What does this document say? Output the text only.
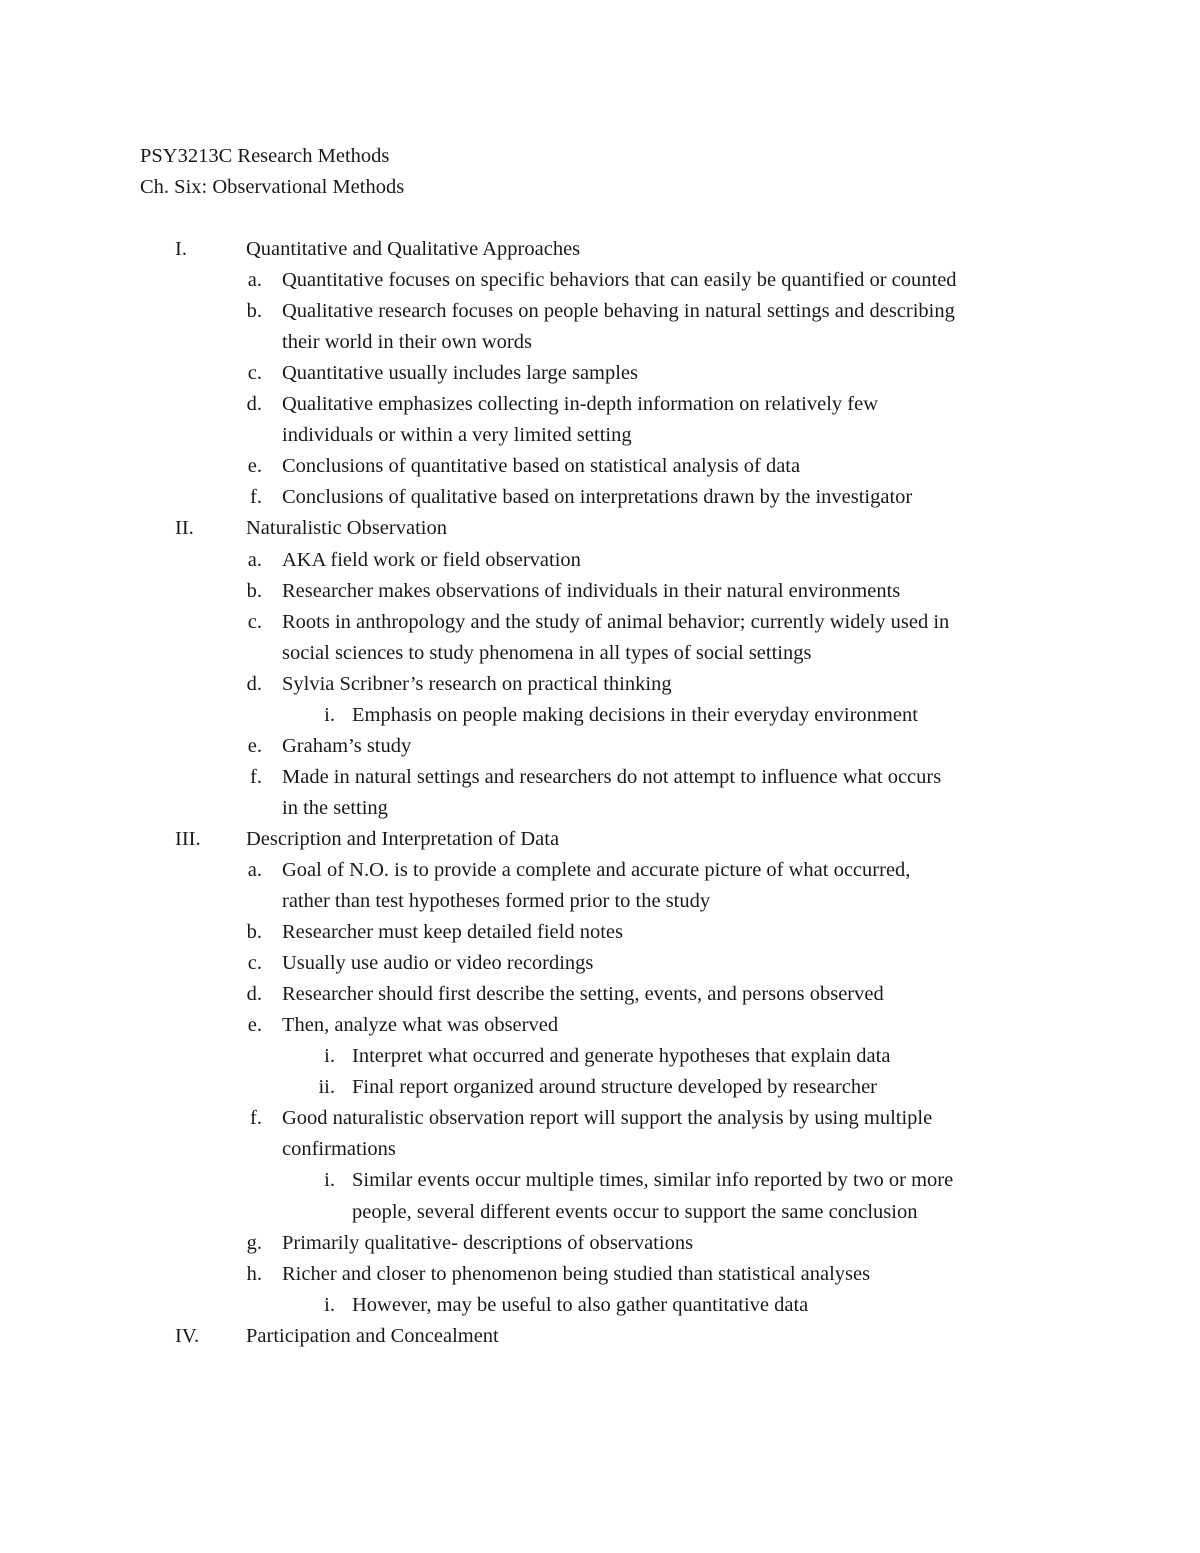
PSY3213C Research Methods
Ch. Six: Observational Methods
I.	Quantitative and Qualitative Approaches
a. Quantitative focuses on specific behaviors that can easily be quantified or counted
b. Qualitative research focuses on people behaving in natural settings and describing
their world in their own words
c. Quantitative usually includes large samples
d. Qualitative emphasizes collecting in-depth information on relatively few
individuals or within a very limited setting
e. Conclusions of quantitative based on statistical analysis of data
f. Conclusions of qualitative based on interpretations drawn by the investigator
II.	Naturalistic Observation
a. AKA field work or field observation
b. Researcher makes observations of individuals in their natural environments
c. Roots in anthropology and the study of animal behavior; currently widely used in
social sciences to study phenomena in all types of social settings
d. Sylvia Scribner’s research on practical thinking
i. Emphasis on people making decisions in their everyday environment
e. Graham’s study
f. Made in natural settings and researchers do not attempt to influence what occurs
in the setting
III. Description and Interpretation of Data
a. Goal of N.O. is to provide a complete and accurate picture of what occurred,
rather than test hypotheses formed prior to the study
b. Researcher must keep detailed field notes
c. Usually use audio or video recordings
d. Researcher should first describe the setting, events, and persons observed
e. Then, analyze what was observed
i. Interpret what occurred and generate hypotheses that explain data
ii. Final report organized around structure developed by researcher
f. Good naturalistic observation report will support the analysis by using multiple
confirmations
i. Similar events occur multiple times, similar info reported by two or more
people, several different events occur to support the same conclusion
g. Primarily qualitative- descriptions of observations
h. Richer and closer to phenomenon being studied than statistical analyses
i. However, may be useful to also gather quantitative data
IV. Participation and Concealment
